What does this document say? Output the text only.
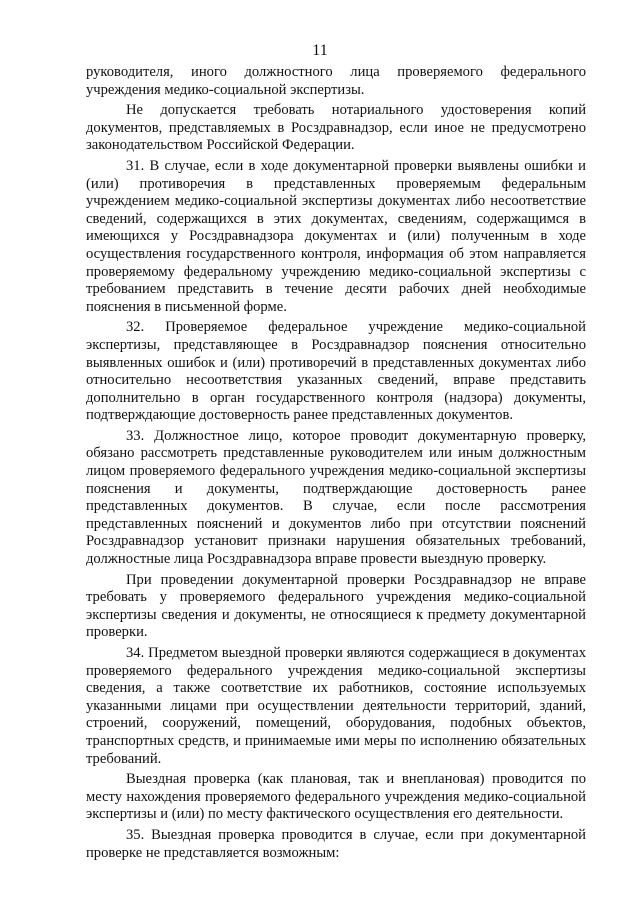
11

руководителя, иного должностного лица проверяемого федерального учреждения медико-социальной экспертизы.

Не допускается требовать нотариального удостоверения копий документов, представляемых в Росздравнадзор, если иное не предусмотрено законодательством Российской Федерации.

31. В случае, если в ходе документарной проверки выявлены ошибки и (или) противоречия в представленных проверяемым федеральным учреждением медико-социальной экспертизы документах либо несоответствие сведений, содержащихся в этих документах, сведениям, содержащимся в имеющихся у Росздравнадзора документах и (или) полученным в ходе осуществления государственного контроля, информация об этом направляется проверяемому федеральному учреждению медико-социальной экспертизы с требованием представить в течение десяти рабочих дней необходимые пояснения в письменной форме.

32. Проверяемое федеральное учреждение медико-социальной экспертизы, представляющее в Росздравнадзор пояснения относительно выявленных ошибок и (или) противоречий в представленных документах либо относительно несоответствия указанных сведений, вправе представить дополнительно в орган государственного контроля (надзора) документы, подтверждающие достоверность ранее представленных документов.

33. Должностное лицо, которое проводит документарную проверку, обязано рассмотреть представленные руководителем или иным должностным лицом проверяемого федерального учреждения медико-социальной экспертизы пояснения и документы, подтверждающие достоверность ранее представленных документов. В случае, если после рассмотрения представленных пояснений и документов либо при отсутствии пояснений Росздравнадзор установит признаки нарушения обязательных требований, должностные лица Росздравнадзора вправе провести выездную проверку.

При проведении документарной проверки Росздравнадзор не вправе требовать у проверяемого федерального учреждения медико-социальной экспертизы сведения и документы, не относящиеся к предмету документарной проверки.

34. Предметом выездной проверки являются содержащиеся в документах проверяемого федерального учреждения медико-социальной экспертизы сведения, а также соответствие их работников, состояние используемых указанными лицами при осуществлении деятельности территорий, зданий, строений, сооружений, помещений, оборудования, подобных объектов, транспортных средств, и принимаемые ими меры по исполнению обязательных требований.

Выездная проверка (как плановая, так и внеплановая) проводится по месту нахождения проверяемого федерального учреждения медико-социальной экспертизы и (или) по месту фактического осуществления его деятельности.

35. Выездная проверка проводится в случае, если при документарной проверке не представляется возможным:
